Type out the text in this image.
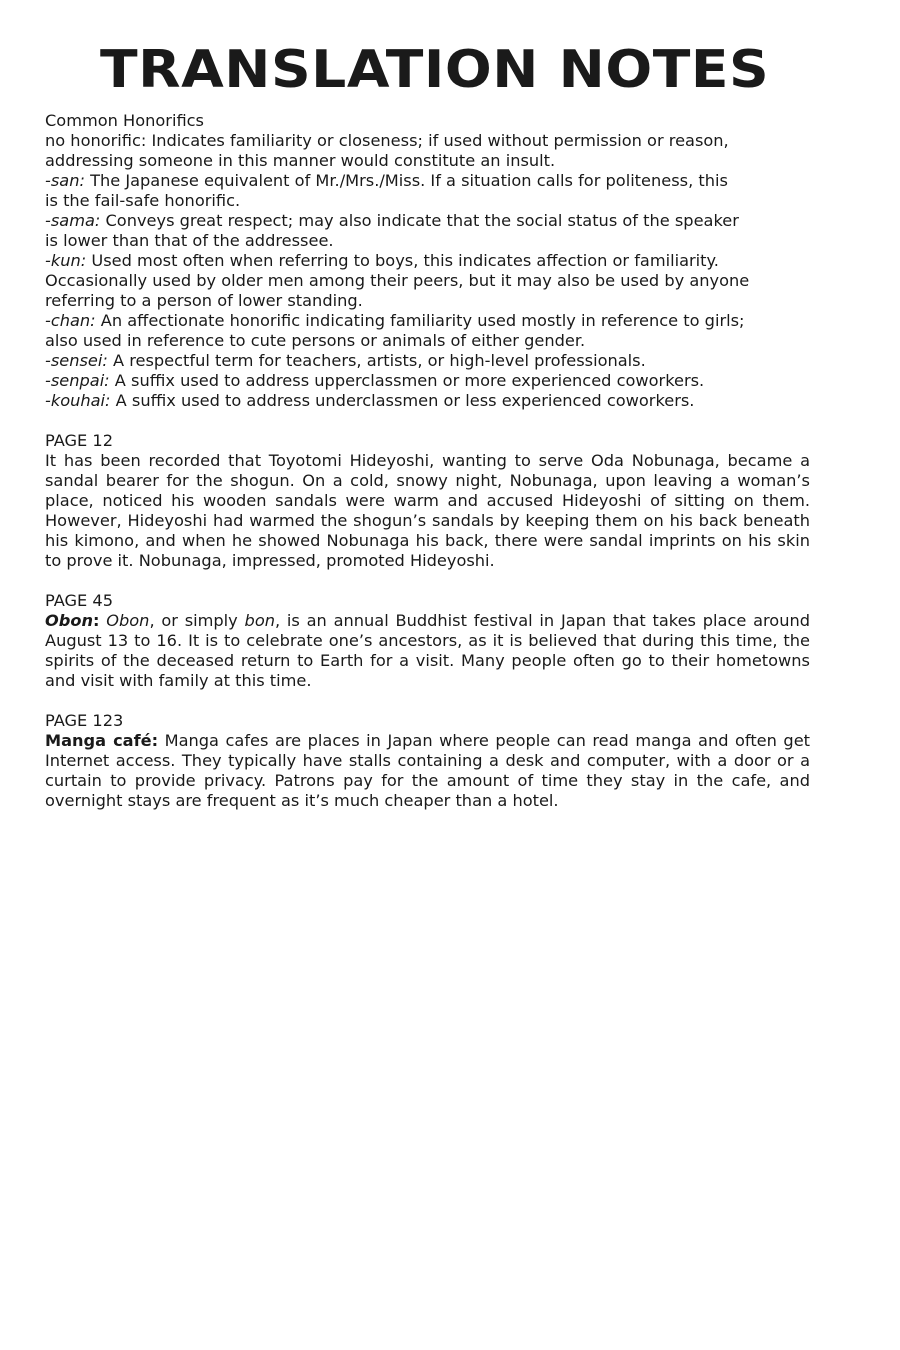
TRANSLATION NOTES

Common Honorifics

no honorific: Indicates familiarity or closeness; if used without permission or reason,

addressing someone in this manner would constitute an insult.

-san: The Japanese equivalent of Mr./Mrs./Miss. If a situation calls for politeness, this

is the fail-safe honorific.

-sama: Conveys great respect; may also indicate that the social status of the speaker

is lower than that of the addressee.

-kun: Used most often when referring to boys, this indicates affection or familiarity.

Occasionally used by older men among their peers, but it may also be used by anyone

referring to a person of lower standing.

-chan: An affectionate honorific indicating familiarity used mostly in reference to girls;

also used in reference to cute persons or animals of either gender.

-sensei: A respectful term for teachers, artists, or high-level professionals.

-senpai: A suffix used to address upperclassmen or more experienced coworkers.

-kouhai: A suffix used to address underclassmen or less experienced coworkers.

PAGE 12

It has been recorded that Toyotomi Hideyoshi, wanting to serve Oda Nobunaga, became a sandal bearer for the shogun. On a cold, snowy night, Nobunaga, upon leaving a woman’s place, noticed his wooden sandals were warm and accused Hideyoshi of sitting on them. However, Hideyoshi had warmed the shogun’s sandals by keeping them on his back beneath his kimono, and when he showed Nobunaga his back, there were sandal imprints on his skin to prove it. Nobunaga, impressed, promoted Hideyoshi.

PAGE 45

Obon: Obon, or simply bon, is an annual Buddhist festival in Japan that takes place around August 13 to 16. It is to celebrate one’s ancestors, as it is believed that during this time, the spirits of the deceased return to Earth for a visit. Many people often go to their hometowns and visit with family at this time.

PAGE 123

Manga café: Manga cafes are places in Japan where people can read manga and often get Internet access. They typically have stalls containing a desk and computer, with a door or a curtain to provide privacy. Patrons pay for the amount of time they stay in the cafe, and overnight stays are frequent as it’s much cheaper than a hotel.
